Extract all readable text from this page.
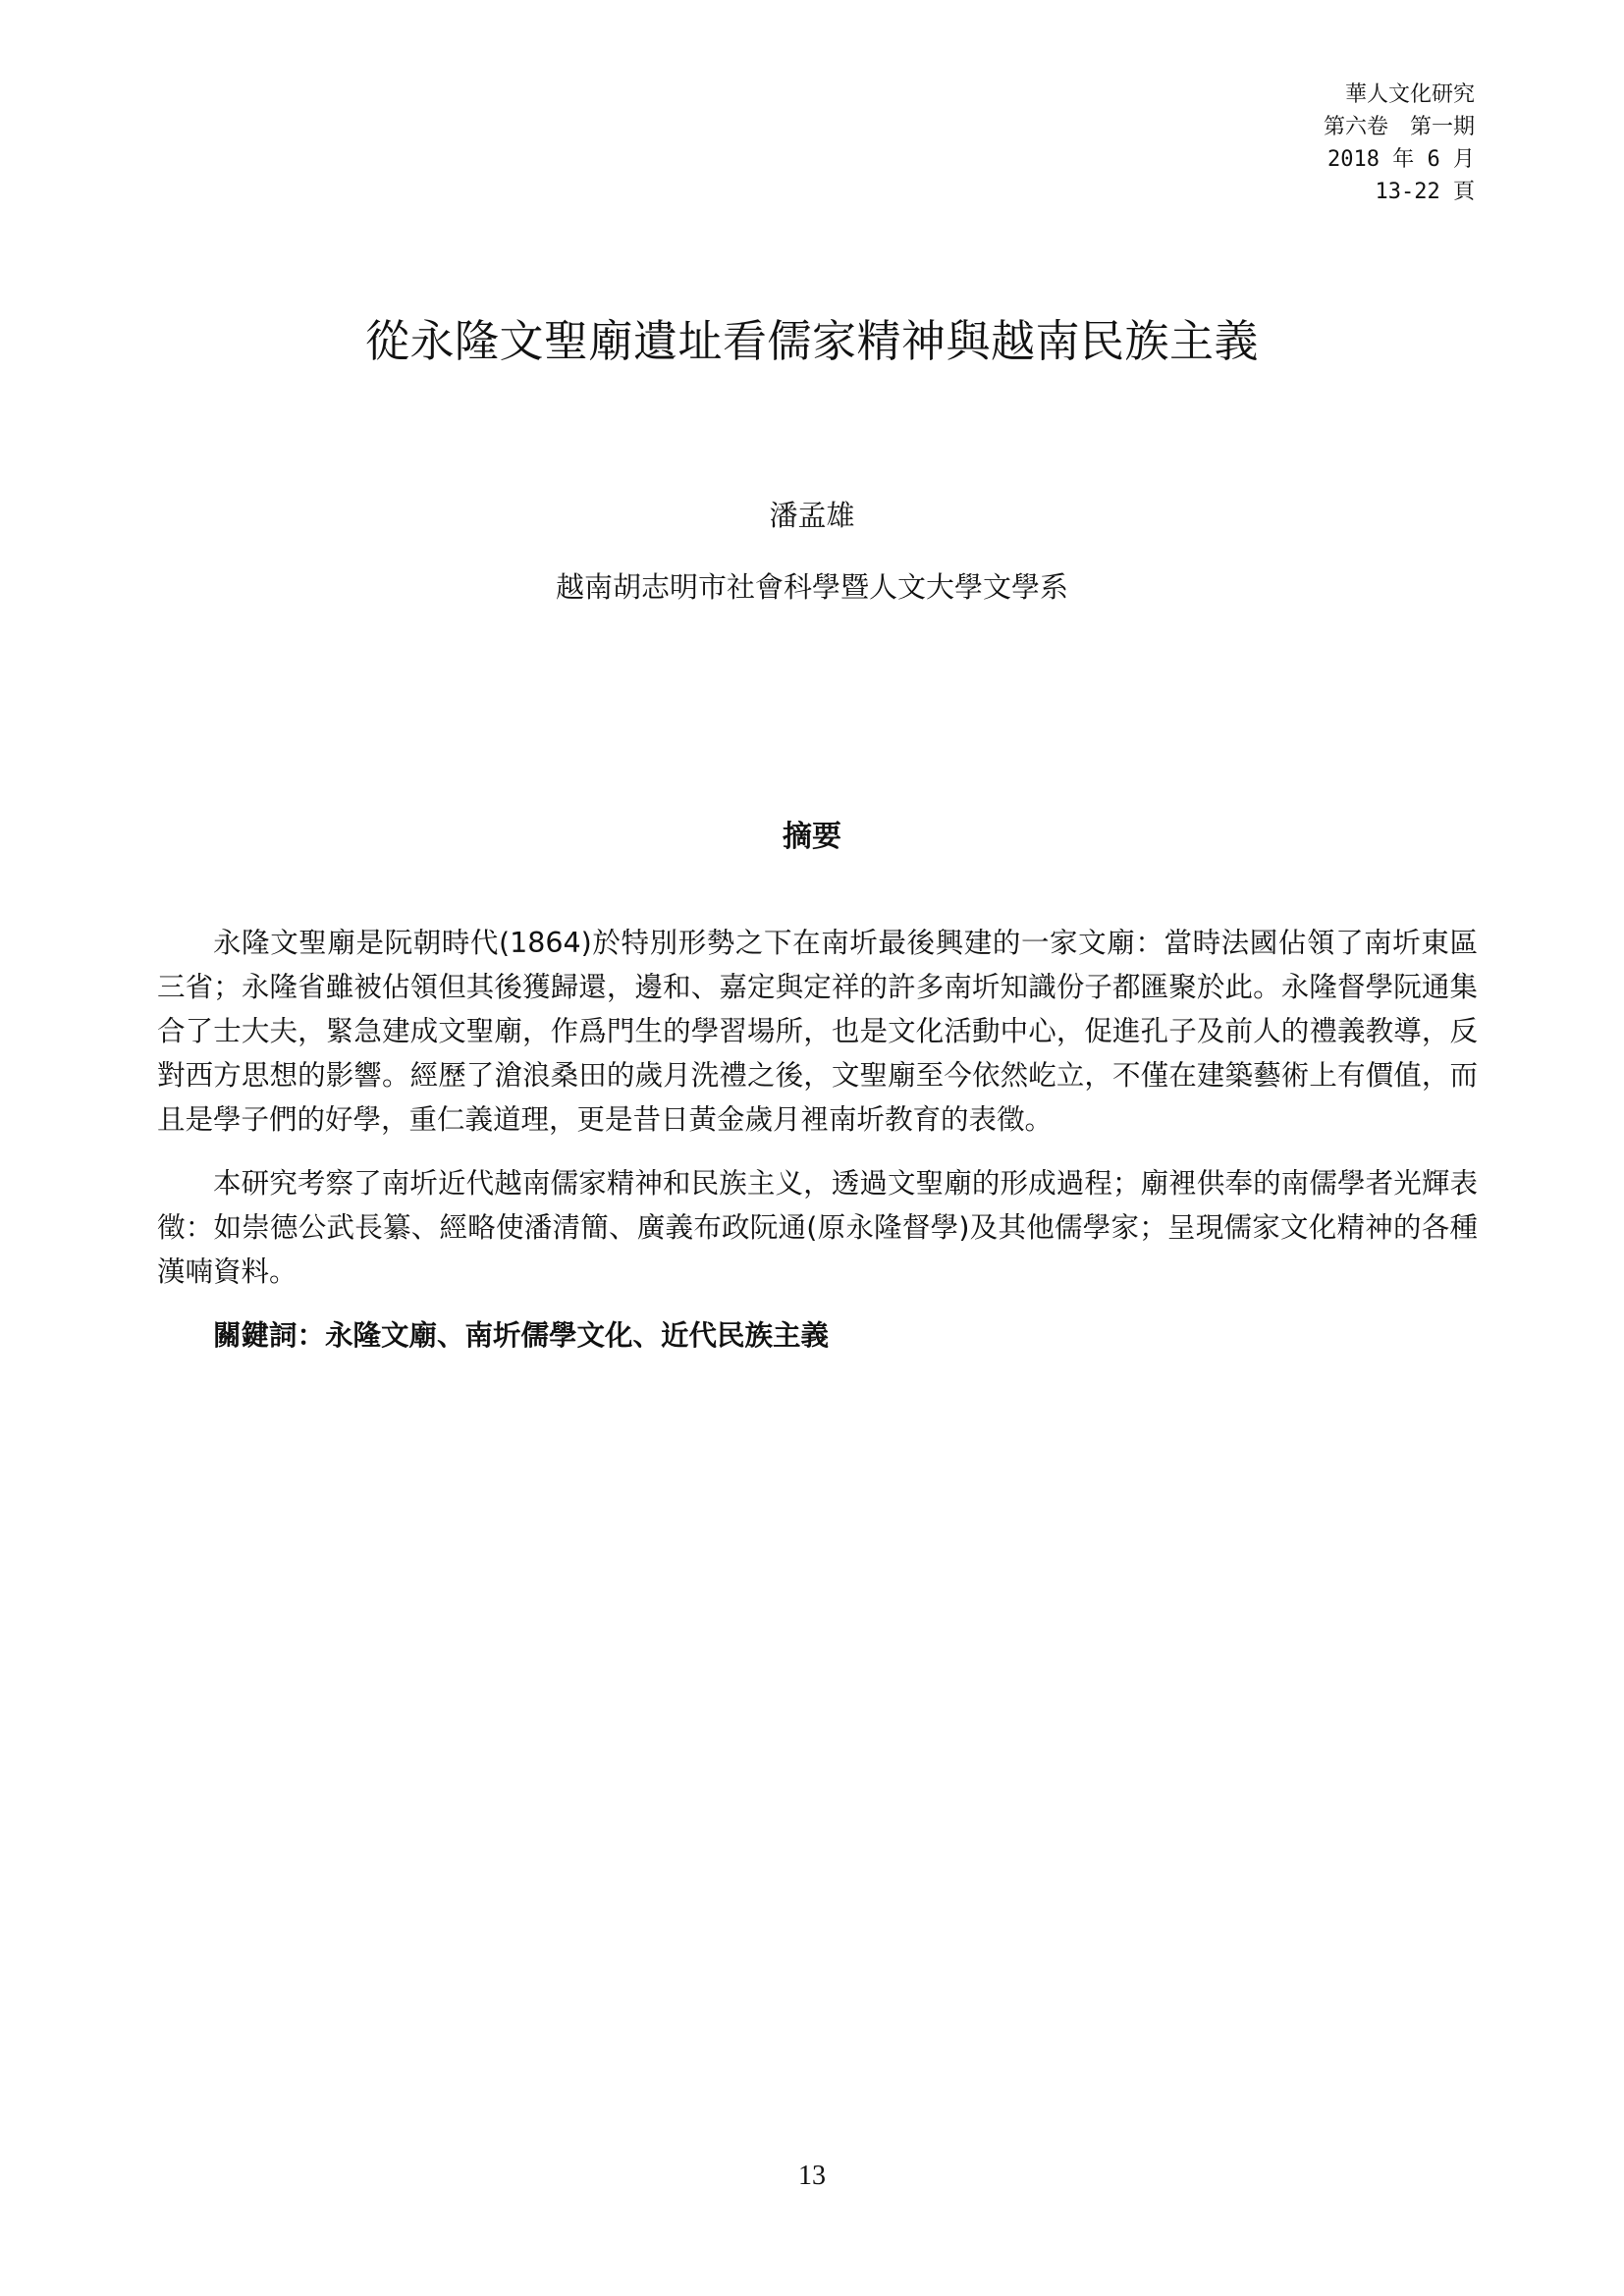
華人文化研究
第六卷　第一期
2018 年 6 月
13-22 頁
從永隆文聖廟遺址看儒家精神與越南民族主義
潘孟雄
越南胡志明市社會科學暨人文大學文學系
摘要

永隆文聖廟是阮朝時代(1864)於特別形勢之下在南圻最後興建的一家文廟：當時法國佔領了南圻東區三省；永隆省雖被佔領但其後獲歸還，邊和、嘉定與定祥的許多南圻知識份子都匯聚於此。永隆督學阮通集合了士大夫，緊急建成文聖廟，作爲門生的學習場所，也是文化活動中心，促進孔子及前人的禮義教導，反對西方思想的影響。經歷了滄浪桑田的歲月洗禮之後，文聖廟至今依然屹立，不僅在建築藝術上有價值，而且是學子們的好學，重仁義道理，更是昔日黃金歲月裡南圻教育的表徵。

本研究考察了南圻近代越南儒家精神和民族主义，透過文聖廟的形成過程；廟裡供奉的南儒學者光輝表徵：如崇德公武長纂、經略使潘清簡、廣義布政阮通(原永隆督學)及其他儒學家；呈現儒家文化精神的各種漢喃資料。

關鍵詞：永隆文廟、南圻儒學文化、近代民族主義

13
